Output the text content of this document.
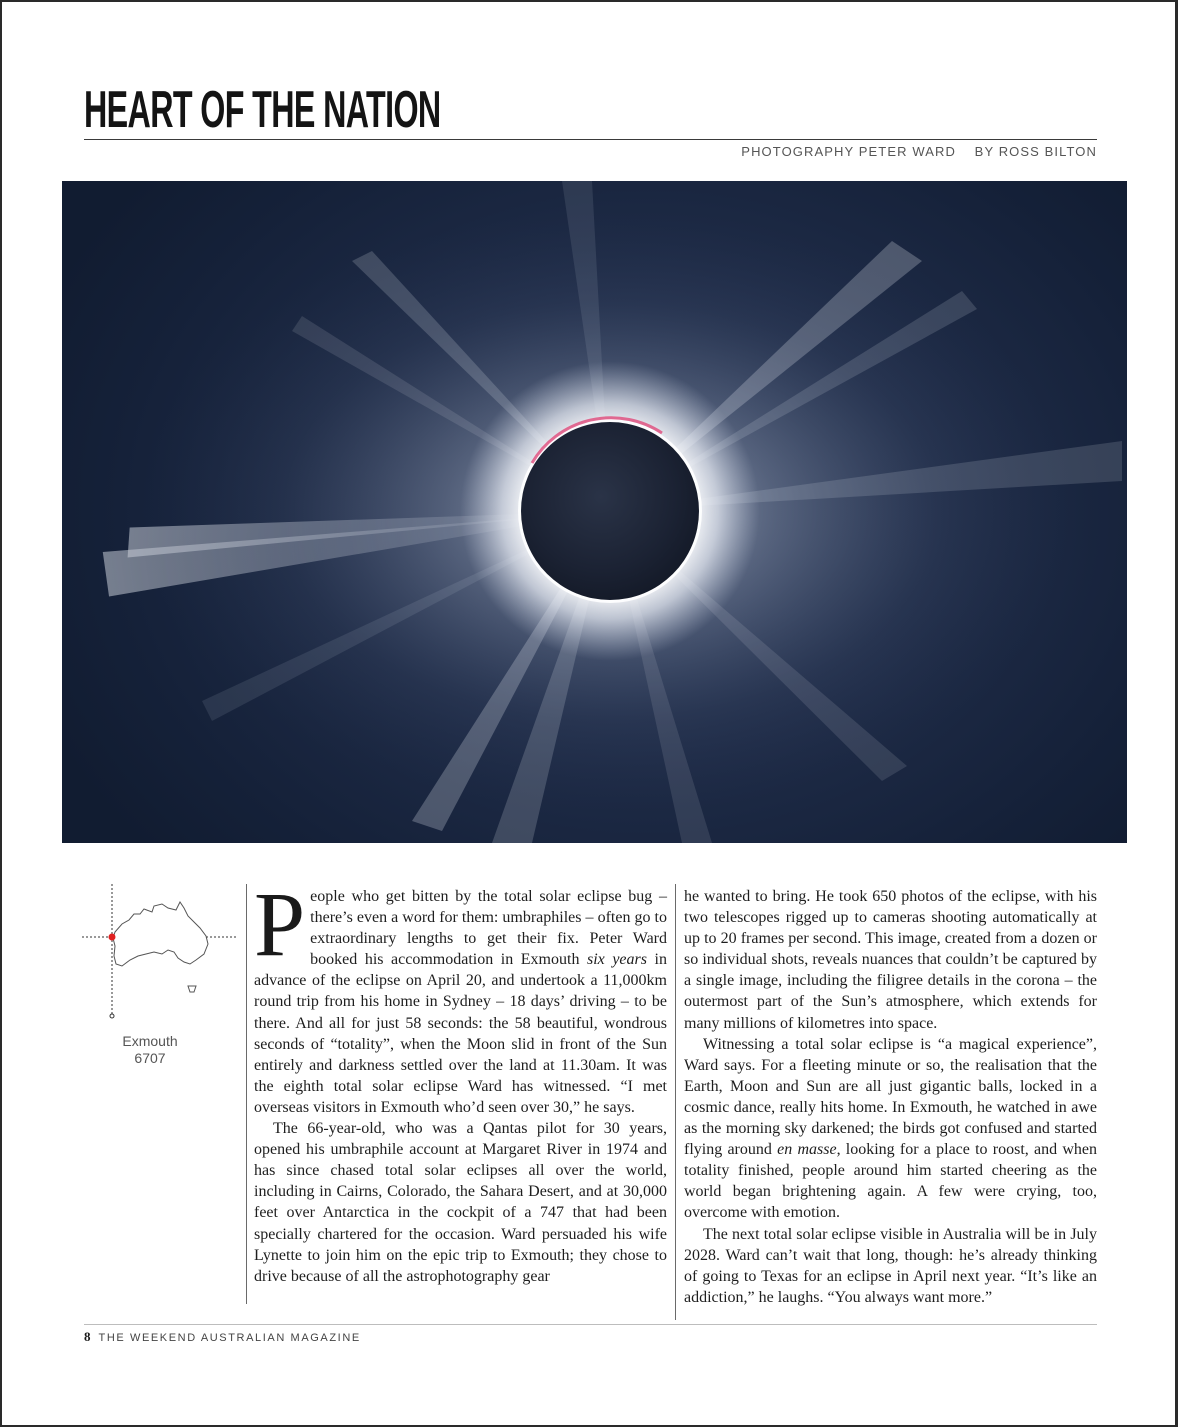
HEART OF THE NATION
PHOTOGRAPHY PETER WARD BY ROSS BILTON
Exmouth
6707

People who get bitten by the total solar eclipse bug – there’s even a word for them: umbraphiles – often go to extraordinary lengths to get their fix. Peter Ward booked his accommodation in Exmouth six years in advance of the eclipse on April 20, and undertook a 11,000km round trip from his home in Sydney – 18 days’ driving – to be there. And all for just 58 seconds: the 58 beautiful, wondrous seconds of “totality”, when the Moon slid in front of the Sun entirely and darkness settled over the land at 11.30am. It was the eighth total solar eclipse Ward has witnessed. “I met overseas visitors in Exmouth who’d seen over 30,” he says.

The 66-year-old, who was a Qantas pilot for 30 years, opened his umbraphile account at Margaret River in 1974 and has since chased total solar eclipses all over the world, including in Cairns, Colorado, the Sahara Desert, and at 30,000 feet over Antarctica in the cockpit of a 747 that had been specially chartered for the occasion. Ward persuaded his wife Lynette to join him on the epic trip to Exmouth; they chose to drive because of all the astrophotography gear

he wanted to bring. He took 650 photos of the eclipse, with his two telescopes rigged up to cameras shooting automatically at up to 20 frames per second. This image, created from a dozen or so individual shots, reveals nuances that couldn’t be captured by a single image, including the filigree details in the corona – the outermost part of the Sun’s atmosphere, which extends for many millions of kilometres into space.

Witnessing a total solar eclipse is “a magical experience”, Ward says. For a fleeting minute or so, the realisation that the Earth, Moon and Sun are all just gigantic balls, locked in a cosmic dance, really hits home. In Exmouth, he watched in awe as the morning sky darkened; the birds got confused and started flying around en masse, looking for a place to roost, and when totality finished, people around him started cheering as the world began brightening again. A few were crying, too, overcome with emotion.

The next total solar eclipse visible in Australia will be in July 2028. Ward can’t wait that long, though: he’s already thinking of going to Texas for an eclipse in April next year. “It’s like an addiction,” he laughs. “You always want more.”

8 THE WEEKEND AUSTRALIAN MAGAZINE
